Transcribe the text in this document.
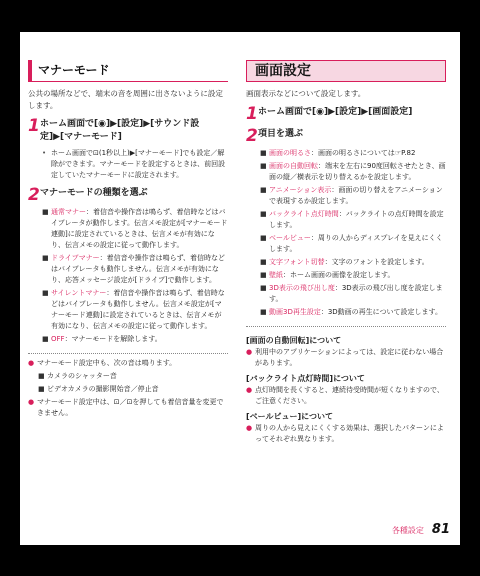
マナーモード

公共の場所などで、端末の音を周囲に出さないように設定します。

1 ホーム画面で[◉]▶[設定]▶[サウンド設定]▶[マナーモード]
• ホーム画面で⊡(1秒以上)▶[マナーモード]でも設定／解除ができます。マナーモードを設定するときは、前回設定していたマナーモードに設定されます。
2 マナーモードの種類を選ぶ
■ 通常マナー：着信音や操作音は鳴らず、着信時などはバイブレータが動作します。伝言メモ設定が[マナーモード連動]に設定されているときは、伝言メモが有効になり、伝言メモの設定に従って動作します。
■ ドライブマナー：着信音や操作音は鳴らず、着信時などはバイブレータも動作しません。伝言メモが有効になり、応答メッセージ設定が[ドライブ]で動作します。
■ サイレントマナー：着信音や操作音は鳴らず、着信時などはバイブレータも動作しません。伝言メモ設定が[マナーモード連動]に設定されているときは、伝言メモが有効になり、伝言メモの設定に従って動作します。
■ OFF：マナーモードを解除します。
● マナーモード設定中も、次の音は鳴ります。
■ カメラのシャッター音
■ ビデオカメラの撮影開始音／停止音
● マナーモード設定中は、⊡／⊡を押しても着信音量を変更できません。
画面設定

画面表示などについて設定します。

1 ホーム画面で[◉]▶[設定]▶[画面設定]
2 項目を選ぶ
■ 画面の明るさ：画面の明るさについては☞P.82
■ 画面の自動回転：端末を左右に90度回転させたとき、画面の縦／横表示を切り替えるかを設定します。
■ アニメーション表示：画面の切り替えをアニメーションで表現するか設定します。
■ バックライト点灯時間：バックライトの点灯時間を設定します。
■ ベールビュー：周りの人からディスプレイを見えにくくします。
■ 文字フォント切替：文字のフォントを設定します。
■ 壁紙：ホーム画面の画像を設定します。
■ 3D表示の飛び出し度：3D表示の飛び出し度を設定します。
■ 動画3D再生設定：3D動画の再生について設定します。
[画面の自動回転]について
● 利用中のアプリケーションによっては、設定に従わない場合があります。
[バックライト点灯時間]について
● 点灯時間を長くすると、連続待受時間が短くなりますので、ご注意ください。
[ベールビュー]について
● 周りの人から見えにくくする効果は、選択したパターンによってそれぞれ異なります。
各種設定 81
